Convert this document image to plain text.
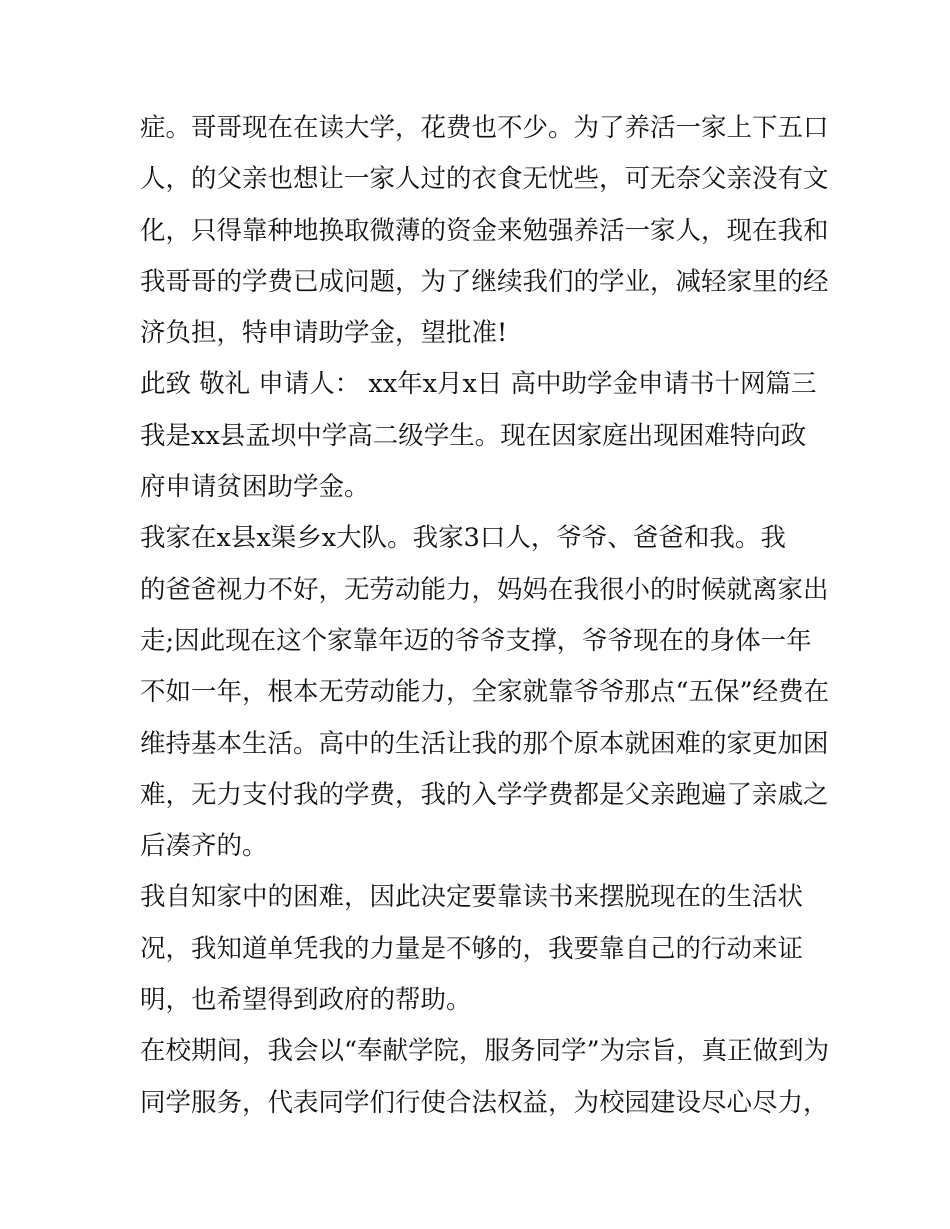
症。哥哥现在在读大学，花费也不少。为了养活一家上下五口
人，的父亲也想让一家人过的衣食无忧些，可无奈父亲没有文
化，只得靠种地换取微薄的资金来勉强养活一家人，现在我和
我哥哥的学费已成问题，为了继续我们的学业，减轻家里的经
济负担，特申请助学金，望批准!

此致 敬礼 申请人： xx年x月x日 高中助学金申请书十网篇三
我是xx县孟坝中学高二级学生。现在因家庭出现困难特向政
府申请贫困助学金。

我家在x县x渠乡x大队。我家3口人，爷爷、爸爸和我。我
的爸爸视力不好，无劳动能力，妈妈在我很小的时候就离家出
走;因此现在这个家靠年迈的爷爷支撑，爷爷现在的身体一年
不如一年，根本无劳动能力，全家就靠爷爷那点“五保”经费在
维持基本生活。高中的生活让我的那个原本就困难的家更加困
难，无力支付我的学费，我的入学学费都是父亲跑遍了亲戚之
后凑齐的。

我自知家中的困难，因此决定要靠读书来摆脱现在的生活状
况，我知道单凭我的力量是不够的，我要靠自己的行动来证
明，也希望得到政府的帮助。

在校期间，我会以“奉献学院，服务同学”为宗旨，真正做到为
同学服务，代表同学们行使合法权益，为校园建设尽心尽力，
